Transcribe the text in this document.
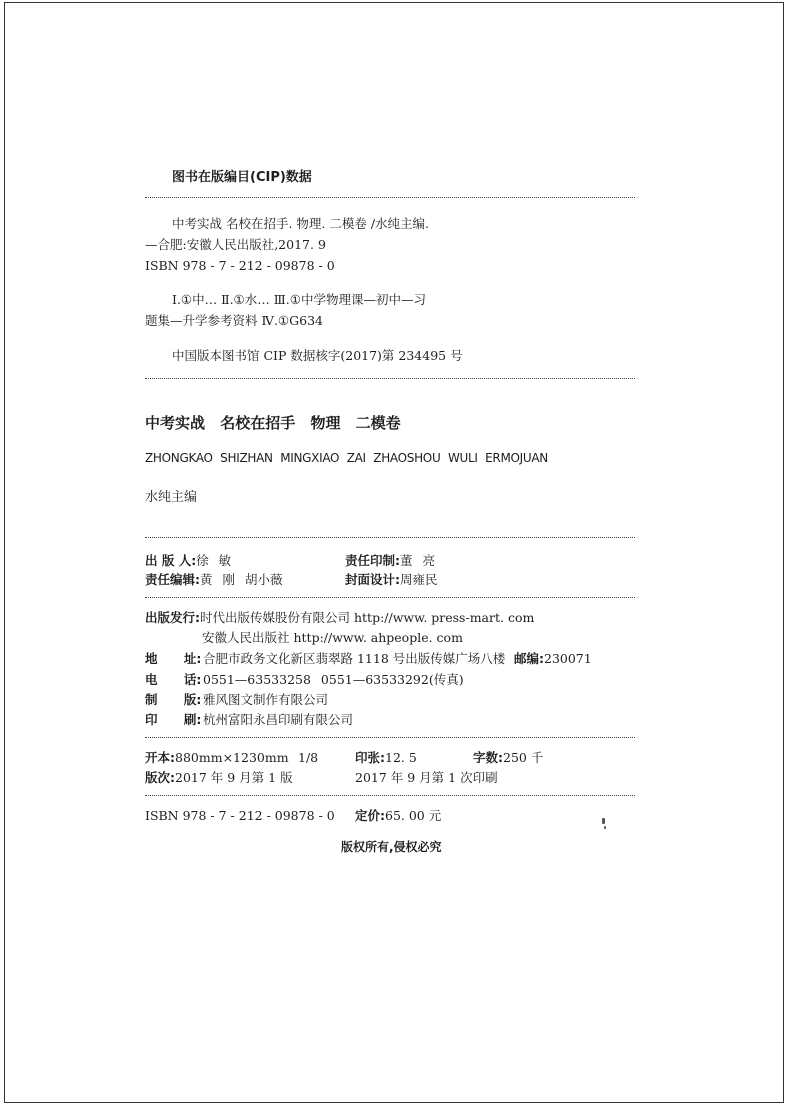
图书在版编目(CIP)数据
中考实战 名校在招手. 物理. 二模卷 /水纯主编.
—合肥:安徽人民出版社,2017. 9
ISBN 978 - 7 - 212 - 09878 - 0
Ⅰ.①中… Ⅱ.①水… Ⅲ.①中学物理课—初中—习
题集—升学参考资料 Ⅳ.①G634
中国版本图书馆 CIP 数据核字(2017)第 234495 号
中考实战 名校在招手 物理 二模卷
ZHONGKAO SHIZHAN MINGXIAO ZAI ZHAOSHOU WULI ERMOJUAN
水纯主编
出 版 人:徐 敏	责任印制:董 亮
责任编辑:黄 刚 胡小薇	封面设计:周雍民
出版发行:时代出版传媒股份有限公司 http://www. press-mart. com
安徽人民出版社 http://www. ahpeople. com
地 址: 合肥市政务文化新区翡翠路 1118 号出版传媒广场八楼 邮编:230071
电 话: 0551—63533258 0551—63533292(传真)
制 版: 雅风图文制作有限公司
印 刷: 杭州富阳永昌印刷有限公司
开本:880mm×1230mm 1/8	印张:12. 5	字数:250 千
版次:2017 年 9 月第 1 版	2017 年 9 月第 1 次印刷
ISBN 978 - 7 - 212 - 09878 - 0 定价:65. 00 元
版权所有,侵权必究
